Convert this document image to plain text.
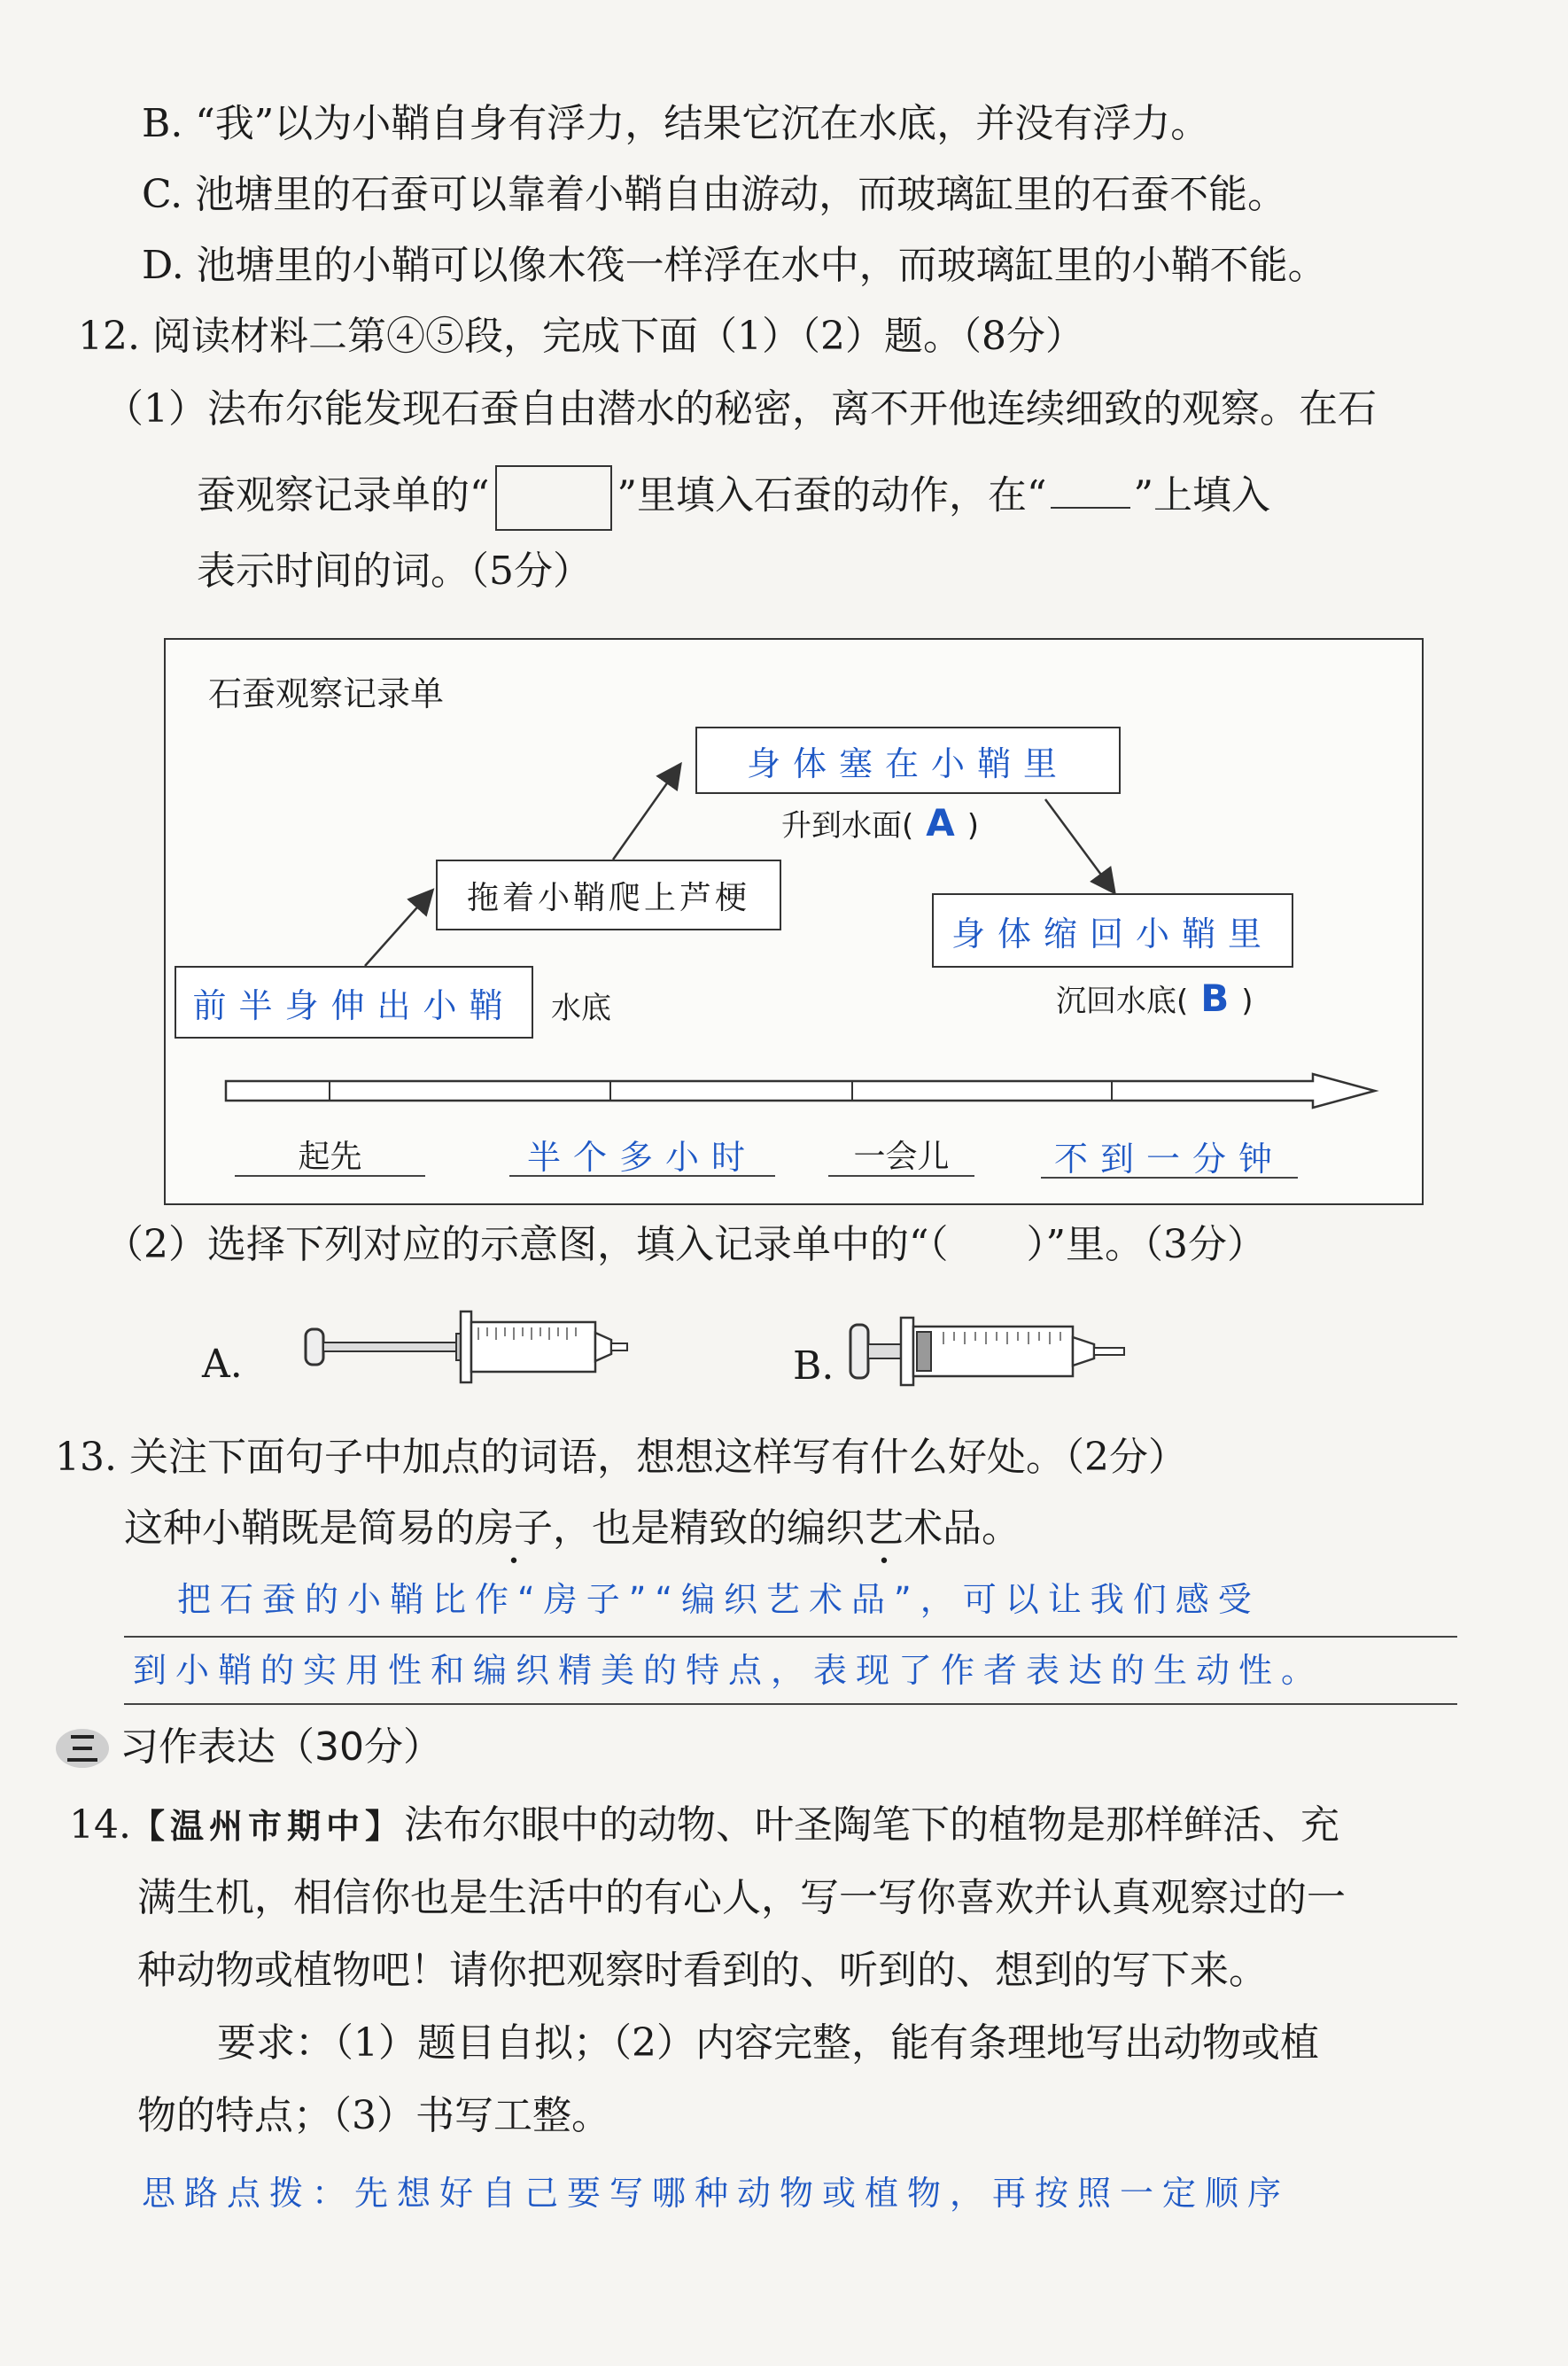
B. “我”以为小鞘自身有浮力，结果它沉在水底，并没有浮力。
C. 池塘里的石蚕可以靠着小鞘自由游动，而玻璃缸里的石蚕不能。
D. 池塘里的小鞘可以像木筏一样浮在水中，而玻璃缸里的小鞘不能。
12. 阅读材料二第④⑤段，完成下面（1）（2）题。（8分）
（1）法布尔能发现石蚕自由潜水的秘密，离不开他连续细致的观察。在石
蚕观察记录单的“	”里填入石蚕的动作，在“ ”上填入
表示时间的词。（5分）
石蚕观察记录单
前半身伸出小鞘	水底
拖着小鞘爬上芦梗
身体塞在小鞘里
升到水面( A )
身体缩回小鞘里
沉回水底( B )
起先	半个多小时	一会儿	不到一分钟
（2）选择下列对应的示意图，填入记录单中的“（　　）”里。（3分）
A.	B.
13. 关注下面句子中加点的词语，想想这样写有什么好处。（2分）
这种小鞘既是简易的房子，也是精致的编织艺术品 •。
把石蚕的小鞘比作“房子”“编织艺术品”，可以让我们感受
到小鞘的实用性和编织精美的特点，表现了作者表达的生动性。
习作表达（30分）
14.【温州市期中】法布尔眼中的动物、叶圣陶笔下的植物是那样鲜活、充
满生机，相信你也是生活中的有心人，写一写你喜欢并认真观察过的一
种动物或植物吧！请你把观察时看到的、听到的、想到的写下来。
要求：（1）题目自拟；（2）内容完整，能有条理地写出动物或植
物的特点；（3）书写工整。
思路点拨：先想好自己要写哪种动物或植物，再按照一定顺序
